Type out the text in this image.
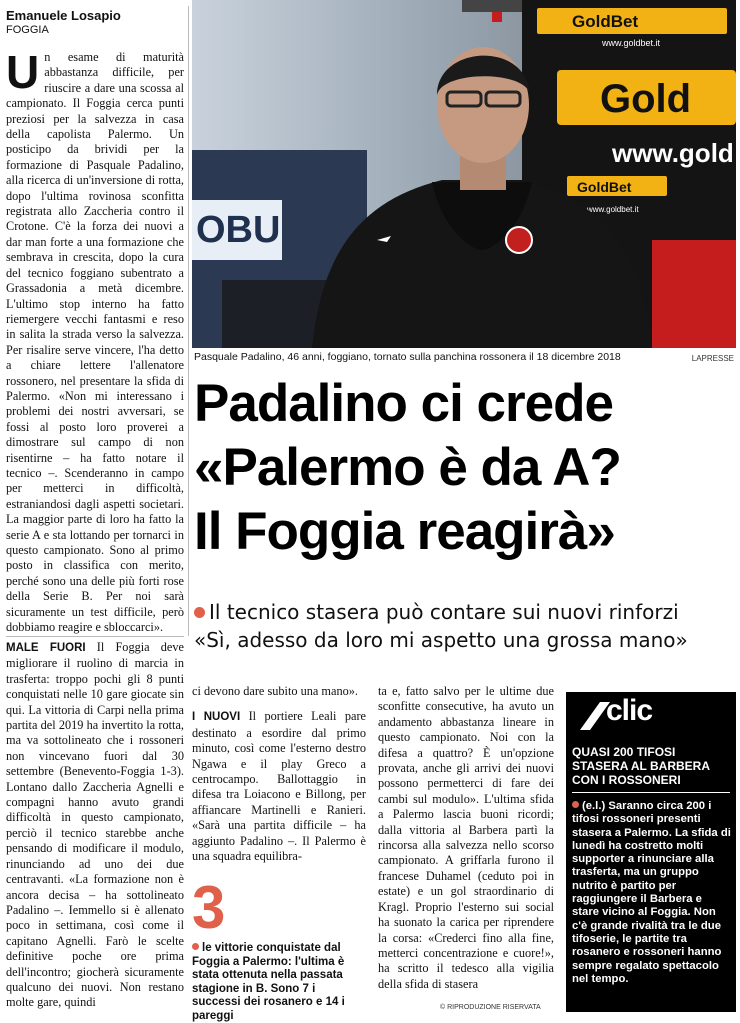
Emanuele Losapio
FOGGIA
Un esame di maturità abbastanza difficile, per riuscire a dare una scossa al campionato. Il Foggia cerca punti preziosi per la salvezza in casa della capolista Palermo. Un posticipo da brividi per la formazione di Pasquale Padalino, alla ricerca di un'inversione di rotta, dopo l'ultima rovinosa sconfitta registrata allo Zaccheria contro il Crotone. C'è la forza dei nuovi a dar man forte a una formazione che sembrava in crescita, dopo la cura del tecnico foggiano subentrato a Grassadonia a metà dicembre. L'ultimo stop interno ha fatto riemergere vecchi fantasmi e reso in salita la strada verso la salvezza. Per risalire serve vincere, l'ha detto a chiare lettere l'allenatore rossonero, nel presentare la sfida di Palermo. «Non mi interessano i problemi dei nostri avversari, se fossi al posto loro proverei a dimostrare sul campo di non risentirne – ha fatto notare il tecnico –. Scenderanno in campo per metterci in difficoltà, estraniandosi dagli aspetti societari. La maggior parte di loro ha fatto la serie A e sta lottando per tornarci in questo campionato. Sono al primo posto in classifica con merito, perché sono una delle più forti rose della Serie B. Per noi sarà sicuramente un test difficile, però dobbiamo reagire e sbloccarci».
MALE FUORI Il Foggia deve migliorare il ruolino di marcia in trasferta: troppo pochi gli 8 punti conquistati nelle 10 gare giocate sin qui. La vittoria di Carpi nella prima partita del 2019 ha invertito la rotta, ma va sottolineato che i rossoneri non vincevano fuori dal 30 settembre (Benevento-Foggia 1-3). Lontano dallo Zaccheria Agnelli e compagni hanno avuto grandi difficoltà in questo campionato, perciò il tecnico starebbe anche pensando di modificare il modulo, rinunciando ad uno dei due centravanti. «La formazione non è ancora decisa – ha sottolineato Padalino –. Iemmello si è allenato poco in settimana, così come il capitano Agnelli. Farò le scelte definitive poche ore prima dell'incontro; giocherà sicuramente qualcuno dei nuovi. Non restano molte gare, quindi
OBU
GoldBet
www.goldbet.it
Gold
www.gold
GoldBet
www.goldbet.it
Pasquale Padalino, 46 anni, foggiano, tornato sulla panchina rossonera il 18 dicembre 2018	LAPRESSE
Padalino ci crede
«Palermo è da A?
Il Foggia reagirà»
Il tecnico stasera può contare sui nuovi rinforzi
«Sì, adesso da loro mi aspetto una grossa mano»

ci devono dare subito una mano».

I NUOVI Il portiere Leali pare destinato a esordire dal primo minuto, così come l'esterno destro Ngawa e il play Greco a centrocampo. Ballottaggio in difesa tra Loiacono e Billong, per affiancare Martinelli e Ranieri. «Sarà una partita difficile – ha aggiunto Padalino –. Il Palermo è una squadra equilibra-

3
le vittorie conquistate dal Foggia a Palermo: l'ultima è stata ottenuta nella passata stagione in B. Sono 7 i successi dei rosanero e 14 i pareggi
ta e, fatto salvo per le ultime due sconfitte consecutive, ha avuto un andamento abbastanza lineare in questo campionato. Noi con la difesa a quattro? È un'opzione provata, anche gli arrivi dei nuovi possono permetterci di fare dei cambi sul modulo». L'ultima sfida a Palermo lascia buoni ricordi; dalla vittoria al Barbera partì la rincorsa alla salvezza nello scorso campionato. A griffarla furono il francese Duhamel (ceduto poi in estate) e un gol straordinario di Kragl. Proprio l'esterno sui social ha suonato la carica per riprendere la corsa: «Crederci fino alla fine, metterci concentrazione e cuore!», ha scritto il tedesco alla vigilia della sfida di stasera
clic
QUASI 200 TIFOSI STASERA AL BARBERA CON I ROSSONERI
(e.l.) Saranno circa 200 i tifosi rossoneri presenti stasera a Palermo. La sfida di lunedì ha costretto molti supporter a rinunciare alla trasferta, ma un gruppo nutrito è partito per raggiungere il Barbera e stare vicino al Foggia. Non c'è grande rivalità tra le due tifoserie, le partite tra rosanero e rossoneri hanno sempre regalato spettacolo nel tempo.
© RIPRODUZIONE RISERVATA
